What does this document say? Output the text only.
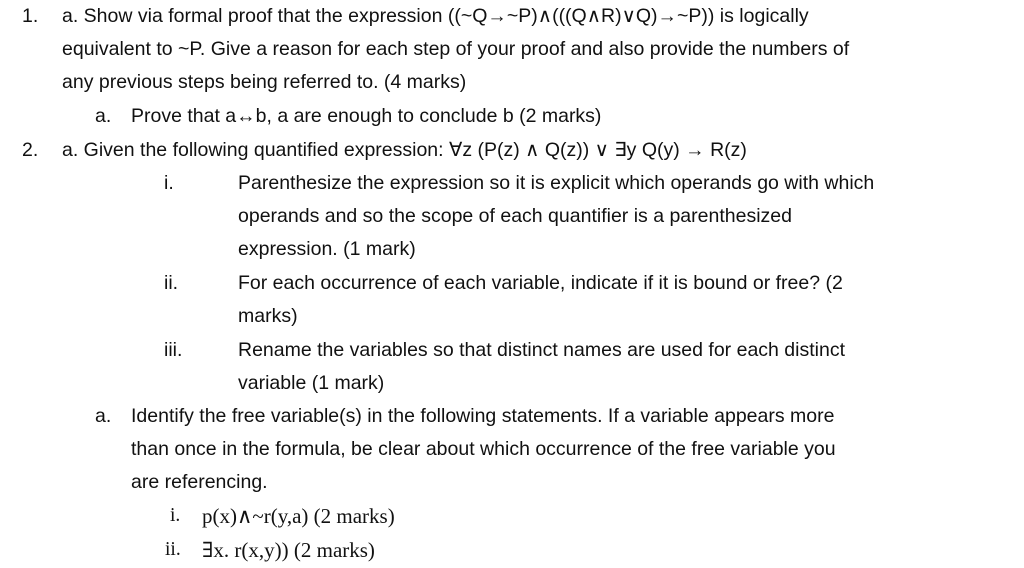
1. a. Show via formal proof that the expression ((~Q→~P)∧(((Q∧R)∨Q)→~P)) is logically
equivalent to ~P. Give a reason for each step of your proof and also provide the numbers of
any previous steps being referred to. (4 marks)
a. Prove that a↔b, a are enough to conclude b (2 marks)
2. a. Given the following quantified expression: ∀z (P(z) ∧ Q(z)) ∨ ∃y Q(y) → R(z)
i.	Parenthesize the expression so it is explicit which operands go with which
operands and so the scope of each quantifier is a parenthesized
expression. (1 mark)
ii.	For each occurrence of each variable, indicate if it is bound or free? (2
marks)
iii.	Rename the variables so that distinct names are used for each distinct
variable (1 mark)
a. Identify the free variable(s) in the following statements. If a variable appears more
than once in the formula, be clear about which occurrence of the free variable you
are referencing.
i. p(x)∧~r(y,a) (2 marks)
ii. ∃x. r(x,y)) (2 marks)
